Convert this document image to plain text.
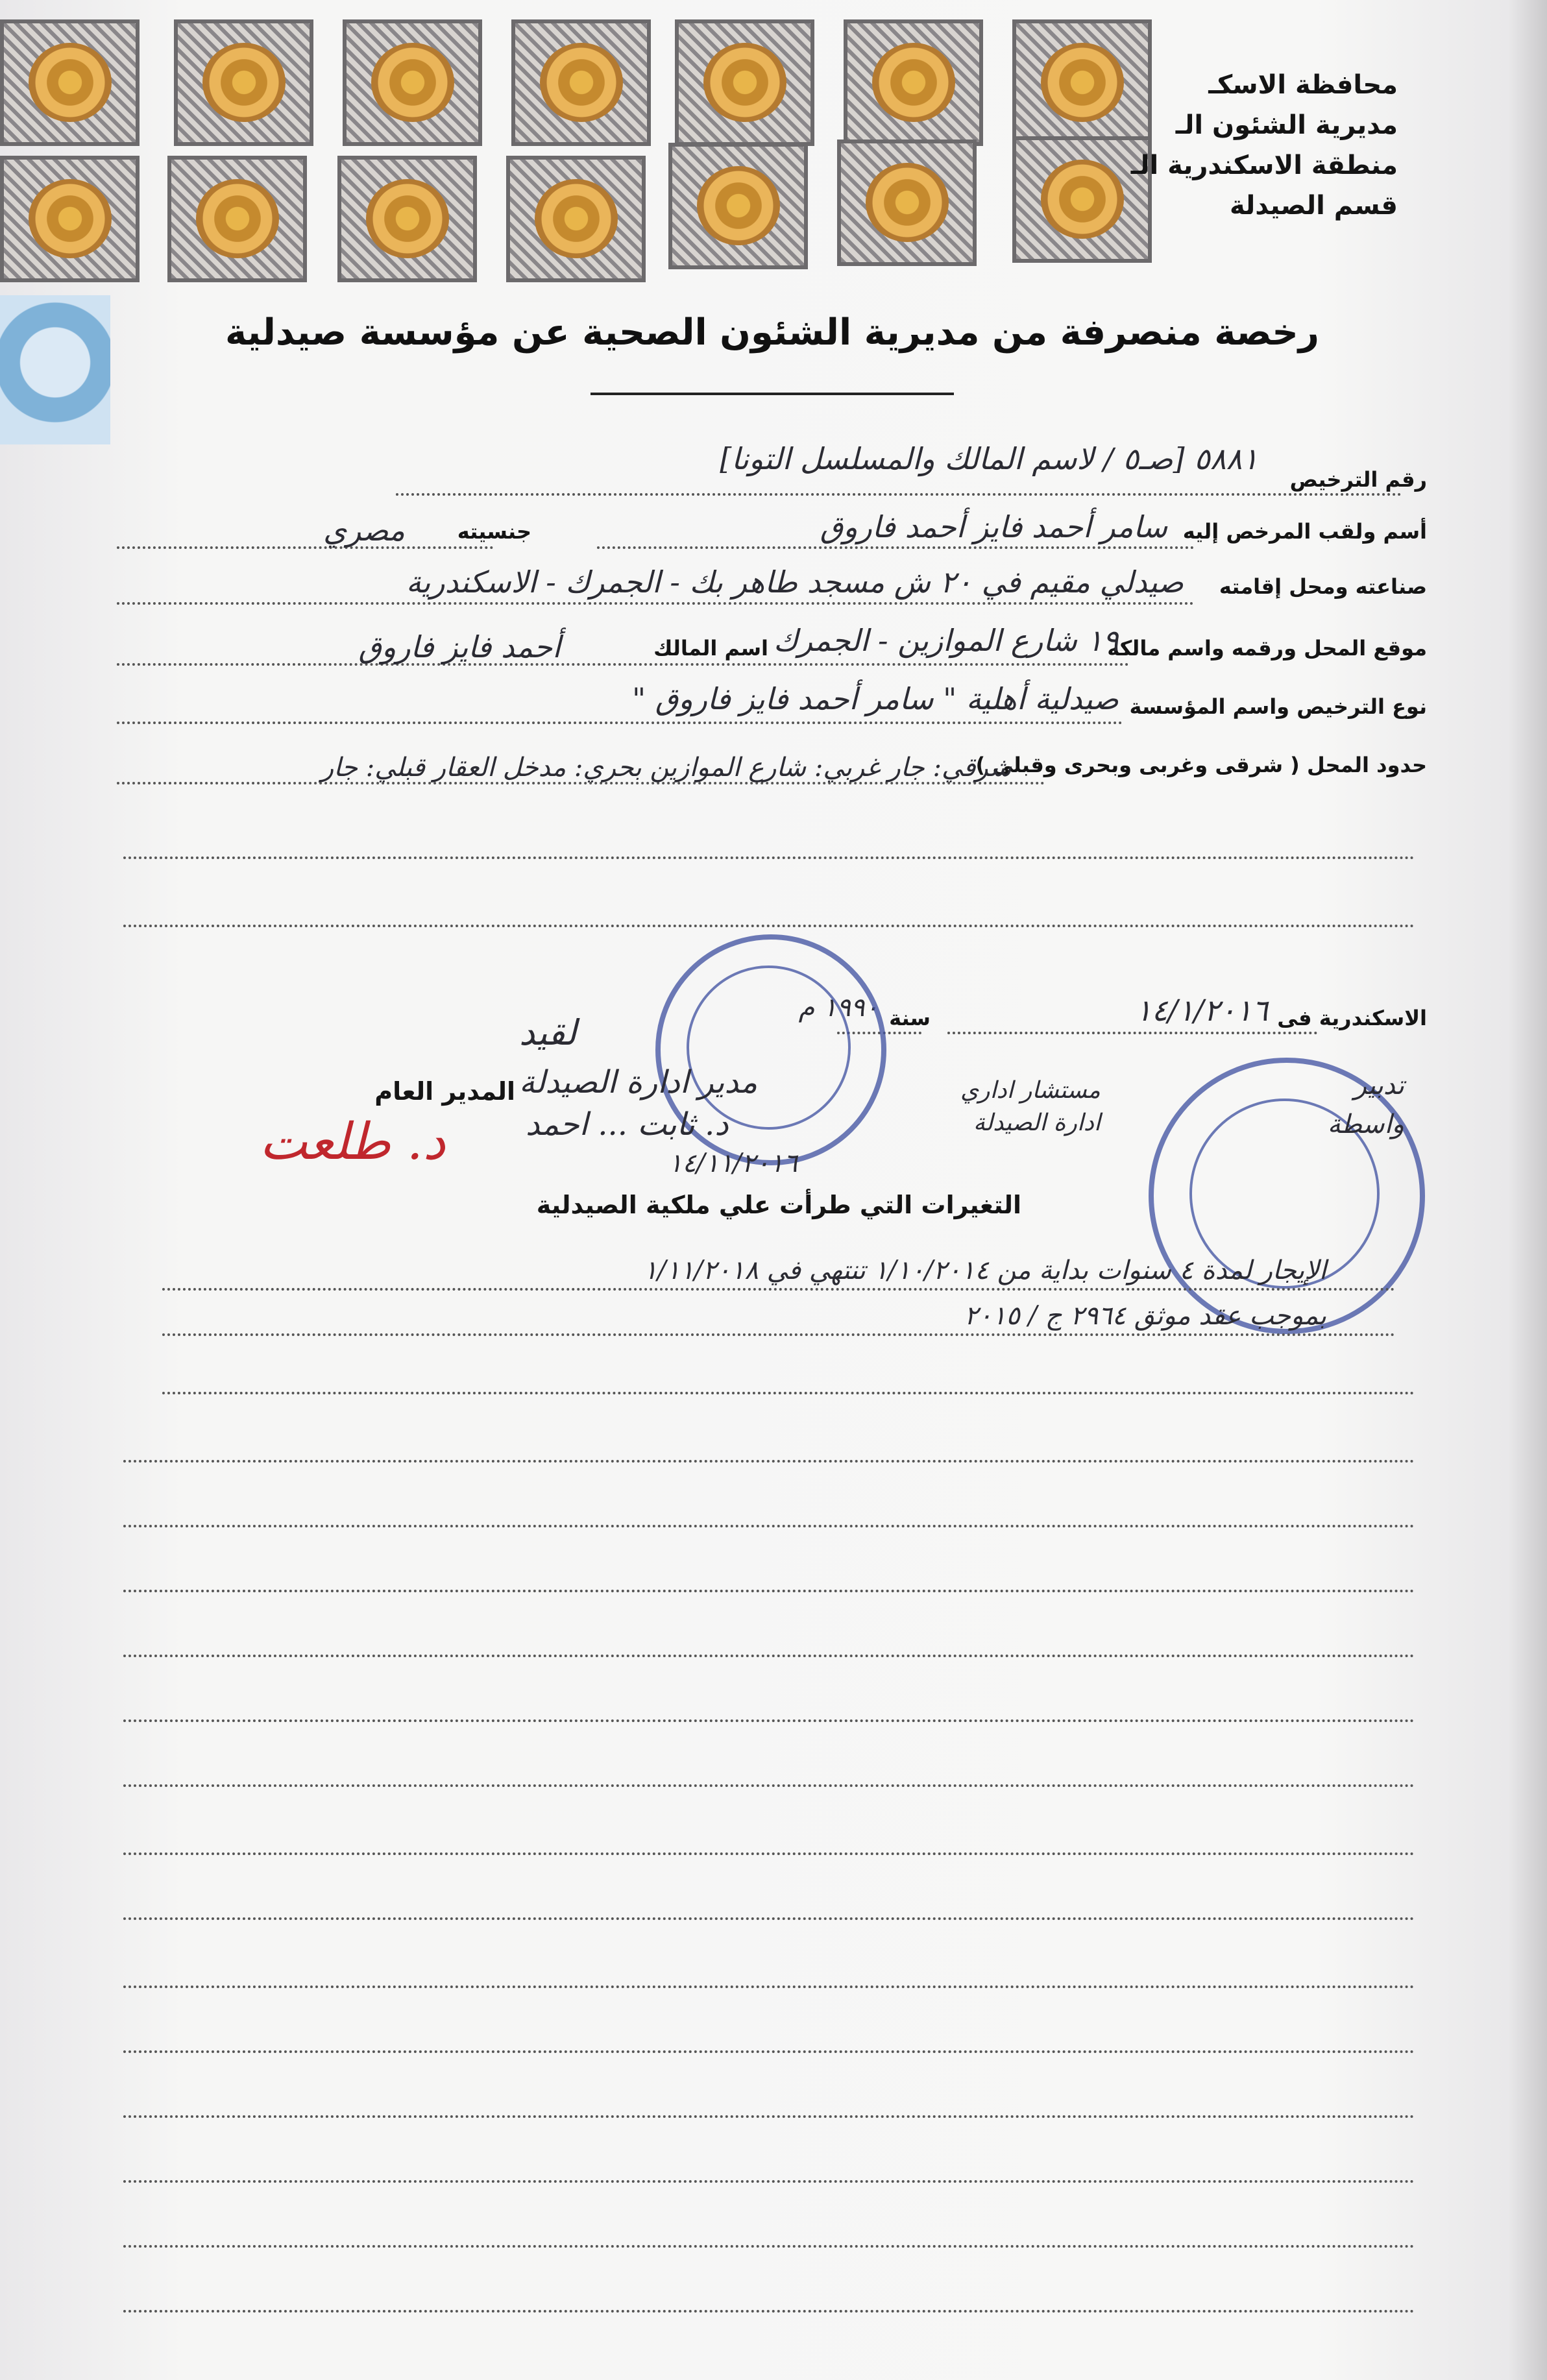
محافظة الاسكـ
مديرية الشئون الـ
منطقة الاسكندرية الـ
قسم الصيدلة
رخصة منصرفة من مديرية الشئون الصحية عن مؤسسة صيدلية
رقم الترخيص
٥٨٨١ [صـ٥ / لاسم المالك والمسلسل التونا]
أسم ولقب المرخص إليه
سامر أحمد فايز أحمد فاروق
جنسيته
مصري
صناعته ومحل إقامته
صيدلي مقيم في ٢٠ ش مسجد طاهر بك - الجمرك - الاسكندرية
موقع المحل ورقمه واسم مالكه
١٩ شارع الموازين - الجمرك
اسم المالك
أحمد فايز فاروق
نوع الترخيص واسم المؤسسة
صيدلية أهلية " سامر أحمد فايز فاروق "
حدود المحل ( شرقى وغربى وبحرى وقبلى )
شرقي: جار غربي: شارع الموازين بحري: مدخل العقار قبلي: جار
الاسكندرية فى
١٤/١/٢٠١٦
سنة
١٩٩٠ م
المدير العام
د. طلعت
لقيد
مدير ادارة الصيدلة
د. ثابت ... احمد
١٤/١١/٢٠١٦
تدبير
واسطة
مستشار اداري
ادارة الصيدلة
التغيرات التي طرأت علي ملكية الصيدلية
الإيجار لمدة ٤ سنوات بداية من ١/١٠/٢٠١٤ تنتهي في ١/١١/٢٠١٨
بموجب عقد موثق ٢٩٦٤ ج / ٢٠١٥
